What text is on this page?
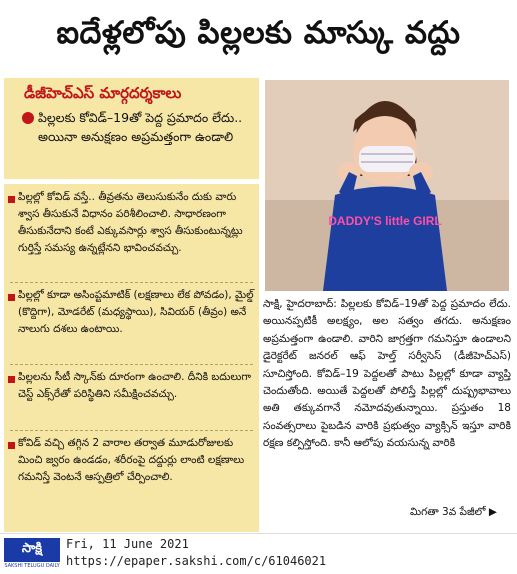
ఐదేళ్లలోపు పిల్లలకు మాస్కు వద్దు
డీజీహెచ్‌ఎస్ మార్గదర్శకాలు
పిల్లలకు కోవిడ్–19తో పెద్ద ప్రమాదం లేదు.. అయినా అనుక్షణం అప్రమత్తంగా ఉండాలి
పిల్లల్లో కోవిడ్ వస్తే.. తీవ్రతను తెలుసుకునేం దుకు వారు శ్వాస తీసుకునే విధానం పరిశీలించాలి. సాధారణంగా తీసుకునేదాని కంటే ఎక్కువసార్లు శ్వాస తీసుకుంటున్నట్లు గుర్తిస్తే సమస్య ఉన్నట్లేనని భావించవచ్చు.
పిల్లల్లో కూడా అసింప్టమాటిక్ (లక్షణాలు లేక పోవడం), మైల్డ్ (కొద్దిగా), మోడరేట్ (మధ్యస్థాయి), సివియర్ (తీవ్రం) అనే నాలుగు దశలు ఉంటాయి.
పిల్లలను సీటీ స్కాన్‌కు దూరంగా ఉంచాలి. దీనికి బదులుగా చెస్ట్ ఎక్స్‌రేతో పరిస్థితిని సమీక్షించవచ్చు.
కోవిడ్ వచ్చి తగ్గిన 2 వారాల తర్వాత మూడురోజులకు మించి జ్వరం ఉండడం, శరీరంపై దద్దుర్లు లాంటి లక్షణాలు గమనిస్తే వెంటనే ఆస్పత్రిలో చేర్పించాలి.
DADDY'S little GIRL
సాక్షి, హైదరాబాద్: పిల్లలకు కోవిడ్–19తో పెద్ద ప్రమాదం లేదు. అయినప్పటికీ అలక్ష్యం, అల సత్వం తగదు. అనుక్షణం అప్రమత్తంగా ఉండాలి. వారిని జాగ్రత్తగా గమనిస్తూ ఉండాలని డైరెక్టరేట్ జనరల్ ఆఫ్ హెల్త్ సర్వీసెస్ (డీజీహెచ్‌ఎస్) సూచిస్తోంది. కోవిడ్–19 పెద్దలతో పాటు పిల్లల్లో కూడా వ్యాప్తి చెందుతోంది. అయితే పెద్దలతో పోలిస్తే పిల్లల్లో దుష్ప్రభావాలు అతి తక్కువగానే నమోదవుతున్నాయి. ప్రస్తుతం 18 సంవత్సరాలు పైబడిన వారికి ప్రభుత్వం వ్యాక్సిన్ ఇస్తూ వారికి రక్షణ కల్పిస్తోంది. కానీ ఆలోపు వయసున్న వారికి
మిగతా 3వ పేజీలో ▶
సాక్షి
SAKSHI TELUGU DAILY
Fri, 11 June 2021
https://epaper.sakshi.com/c/61046021
